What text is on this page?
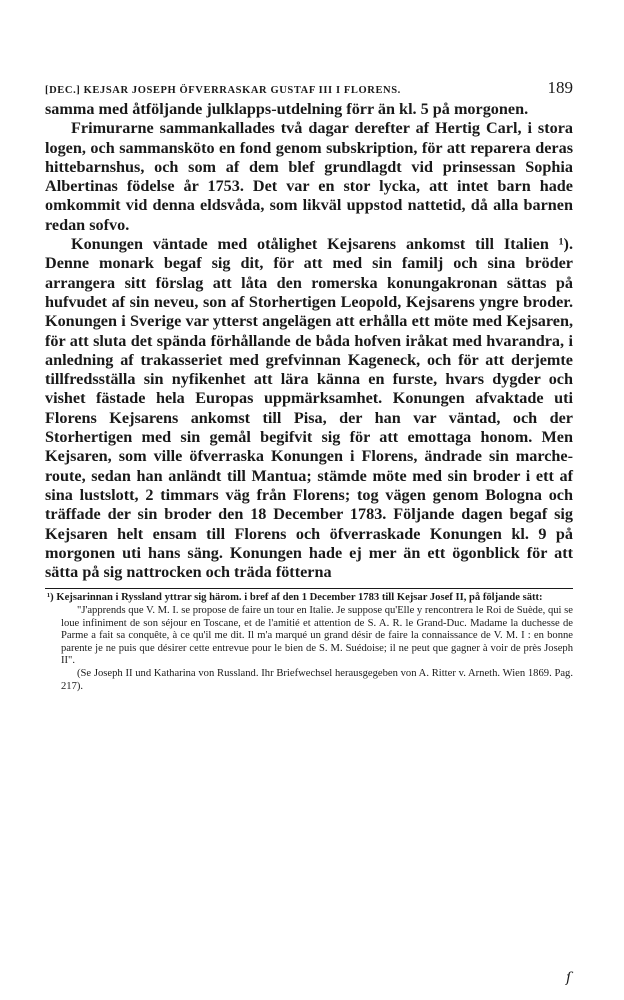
[DEC.] KEJSAR JOSEPH ÖFVERRASKAR GUSTAF III I FLORENS.	189

samma med åtföljande julklapps-utdelning förr än kl. 5 på morgonen.

Frimurarne sammankallades två dagar derefter af Hertig Carl, i stora logen, och sammansköto en fond genom subskription, för att reparera deras hittebarnshus, och som af dem blef grundlagdt vid prinsessan Sophia Albertinas födelse år 1753. Det var en stor lycka, att intet barn hade omkommit vid denna eldsvåda, som likväl uppstod nattetid, då alla barnen redan sofvo.

Konungen väntade med otålighet Kejsarens ankomst till Italien ¹). Denne monark begaf sig dit, för att med sin familj och sina bröder arrangera sitt förslag att låta den romerska konungakronan sättas på hufvudet af sin neveu, son af Storhertigen Leopold, Kejsarens yngre broder. Konungen i Sverige var ytterst angelägen att erhålla ett möte med Kejsaren, för att sluta det spända förhållande de båda hofven iråkat med hvarandra, i anledning af trakasseriet med grefvinnan Kageneck, och för att derjemte tillfredsställa sin nyfikenhet att lära känna en furste, hvars dygder och vishet fästade hela Europas uppmärksamhet. Konungen afvaktade uti Florens Kejsarens ankomst till Pisa, der han var väntad, och der Storhertigen med sin gemål begifvit sig för att emottaga honom. Men Kejsaren, som ville öfverraska Konungen i Florens, ändrade sin marche-route, sedan han anländt till Mantua; stämde möte med sin broder i ett af sina lustslott, 2 timmars väg från Florens; tog vägen genom Bologna och träffade der sin broder den 18 December 1783. Följande dagen begaf sig Kejsaren helt ensam till Florens och öfverraskade Konungen kl. 9 på morgonen uti hans säng. Konungen hade ej mer än ett ögonblick för att sätta på sig nattrocken och träda fötterna

¹) Kejsarinnan i Ryssland yttrar sig härom. i bref af den 1 December 1783 till Kejsar Josef II, på följande sätt:

"J'apprends que V. M. I. se propose de faire un tour en Italie. Je suppose qu'Elle y rencontrera le Roi de Suède, qui se loue infiniment de son séjour en Toscane, et de l'amitié et attention de S. A. R. le Grand-Duc. Madame la duchesse de Parme a fait sa conquête, à ce qu'il me dit. Il m'a marqué un grand désir de faire la connaissance de V. M. I : en bonne parente je ne puis que désirer cette entrevue pour le bien de S. M. Suédoise; il ne peut que gagner à voir de près Joseph II".

(Se Joseph II und Katharina von Russland. Ihr Briefwechsel herausgegeben von A. Ritter v. Arneth. Wien 1869. Pag. 217).

ſ
